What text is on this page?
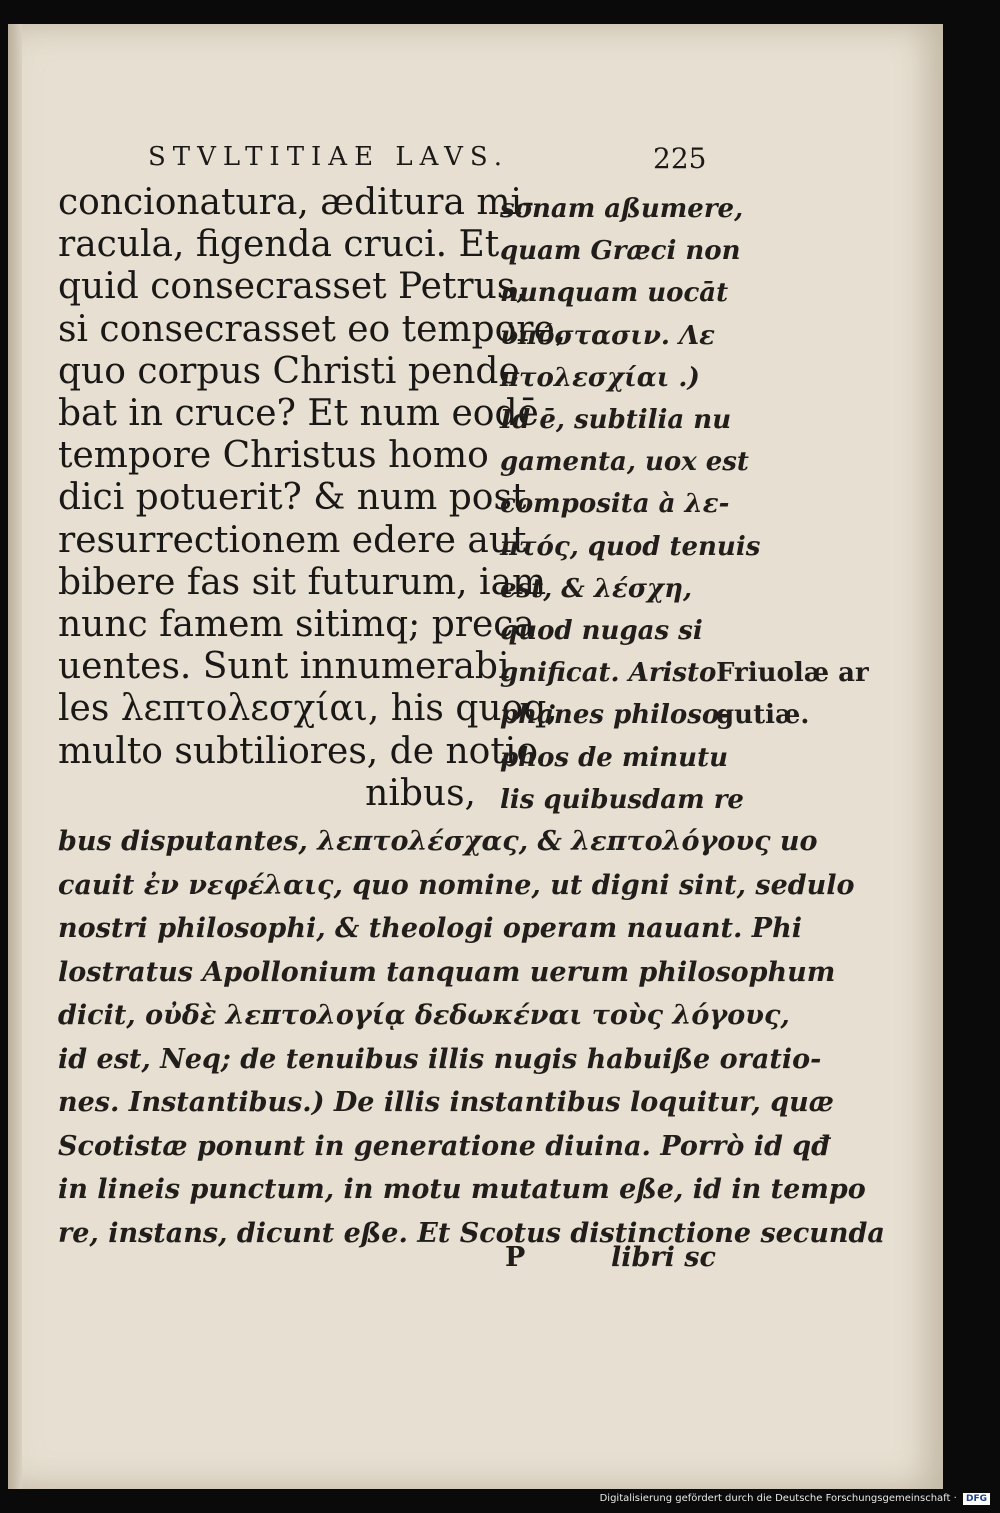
STVLTITIAE LAVS.	225
concionatura, æditura mi-
racula, figenda cruci. Et
quid consecrasset Petrus,
si consecrasset eo tempore,
quo corpus Christi pende
bat in cruce? Et num eodē
tempore Christus homo
dici potuerit? & num post
resurrectionem edere aut
bibere fas sit futurum, iam
nunc famem sitimq; preca
uentes. Sunt innumerabi
les λεπτολεσχίαι, his quoq;
multo subtiliores, de notio
nibus,
sonam aßumere,
quam Græci non
nunquam uocāt
ὑπόστασιν. Λε
πτολεσχίαι .)
Id ē, subtilia nu
gamenta, uox est
composita à λε-
πτός, quod tenuis
est, & λέσχη,
quod nugas si
gnificat. Aristo
phanes philoso-
phos de minutu
lis quibusdam re
Friuolæ ar
gutiæ.
bus disputantes, λεπτολέσχας, & λεπτολόγους uo
cauit ἐν νεφέλαις, quo nomine, ut digni sint, sedulo
nostri philosophi, & theologi operam nauant. Phi
lostratus Apollonium tanquam uerum philosophum
dicit, οὐδὲ λεπτολογίᾳ δεδωκέναι τοὺς λόγους,
id est, Neq; de tenuibus illis nugis habuiße oratio-
nes. Instantibus.) De illis instantibus loquitur, quæ
Scotistæ ponunt in generatione diuina. Porrò id qđ
in lineis punctum, in motu mutatum eße, id in tempo
re, instans, dicunt eße. Et Scotus distinctione secunda
P	libri sc
Digitalisierung gefördert durch die Deutsche Forschungsgemeinschaft · DFG
